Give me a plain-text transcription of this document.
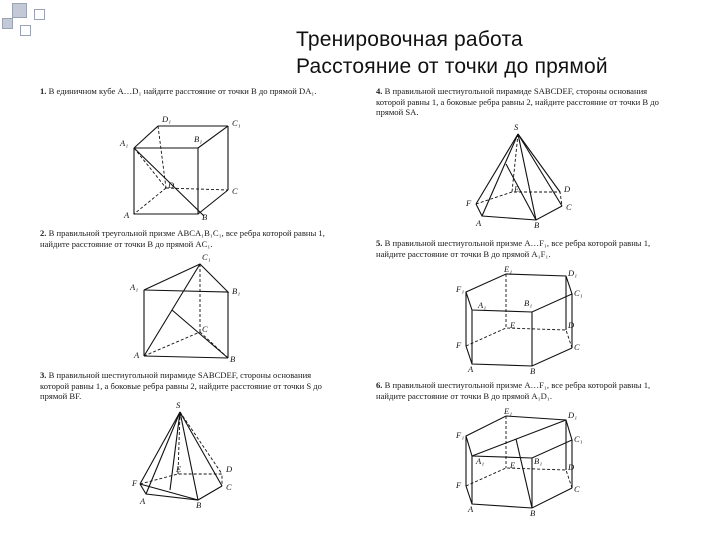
Тренировочная работа
Расстояние от точки до прямой
1. В единичном кубе A…D₁ найдите расстояние от точки B до прямой DA₁.
D₁	C₁
A₁	B₁
D
C
A	B
2. В правильной треугольной призме ABCA₁B₁C₁, все ребра которой равны 1, найдите расстояние от точки B до прямой AC₁.
C₁
A₁	B₁
C
A	B
3. В правильной шестиугольной пирамиде SABCDEF, стороны основания которой равны 1, а боковые ребра равны 2, найдите расстояние от точки S до прямой BF.
S
E	D
F	C
A	B
4. В правильной шестиугольной пирамиде SABCDEF, стороны основания которой равны 1, а боковые ребра равны 2, найдите расстояние от точки B до прямой SA.
S
E	D
F	C
A	B
5. В правильной шестиугольной призме A…F₁, все ребра которой равны 1, найдите расстояние от точки B до прямой A₁F₁.
E₁	D₁
F₁	C₁
A₁	B₁
E	D
F	C
A	B
6. В правильной шестиугольной призме A…F₁, все ребра которой равны 1, найдите расстояние от точки B до прямой A₁D₁.
E₁	D₁
F₁	C₁
A₁	B₁
E	D
F	C
A	B
